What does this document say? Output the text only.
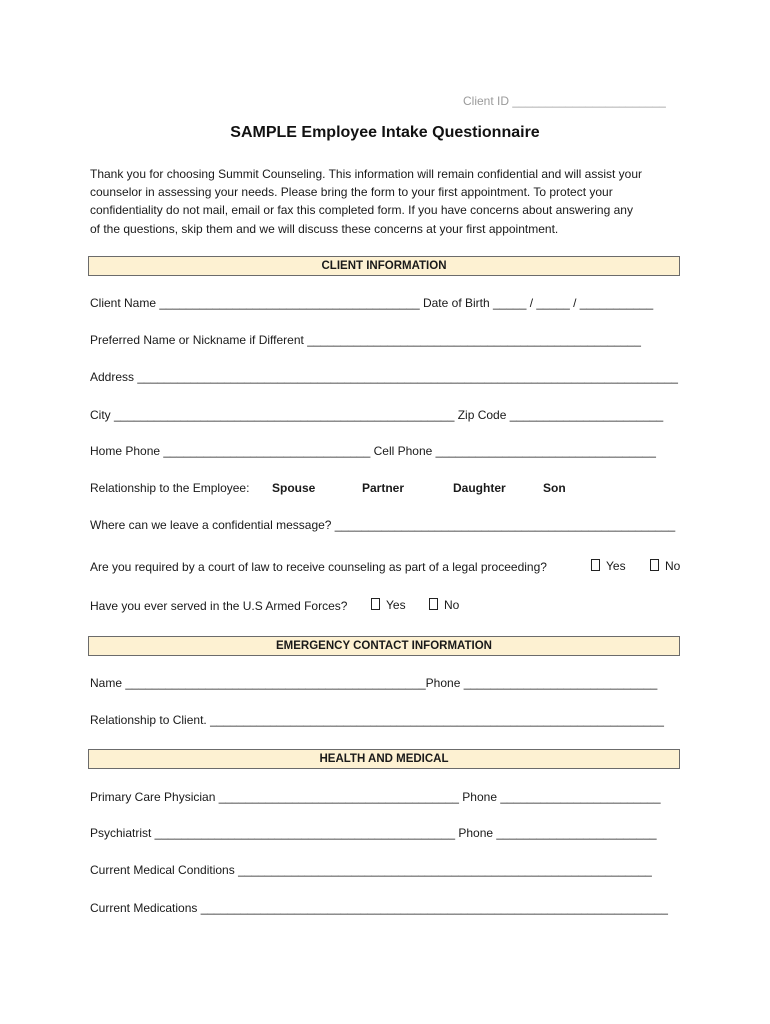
Client ID _______________________
SAMPLE Employee Intake Questionnaire

Thank you for choosing Summit Counseling. This information will remain confidential and will assist your

counselor in assessing your needs. Please bring the form to your first appointment. To protect your

confidentiality do not mail, email or fax this completed form. If you have concerns about answering any

of the questions, skip them and we will discuss these concerns at your first appointment.

CLIENT INFORMATION
Client Name _______________________________________ Date of Birth _____ / _____ / ___________
Preferred Name or Nickname if Different __________________________________________________
Address _________________________________________________________________________________
City ___________________________________________________ Zip Code _______________________
Home Phone _______________________________ Cell Phone _________________________________
Relationship to the Employee: Spouse	Partner	Daughter	Son
Where can we leave a confidential message? ___________________________________________________
Are you required by a court of law to receive counseling as part of a legal proceeding?	Yes	No
Have you ever served in the U.S Armed Forces?	Yes	No
EMERGENCY CONTACT INFORMATION
Name _____________________________________________Phone _____________________________
Relationship to Client. ____________________________________________________________________
HEALTH AND MEDICAL
Primary Care Physician ____________________________________ Phone ________________________
Psychiatrist _____________________________________________ Phone ________________________
Current Medical Conditions ______________________________________________________________
Current Medications ______________________________________________________________________
